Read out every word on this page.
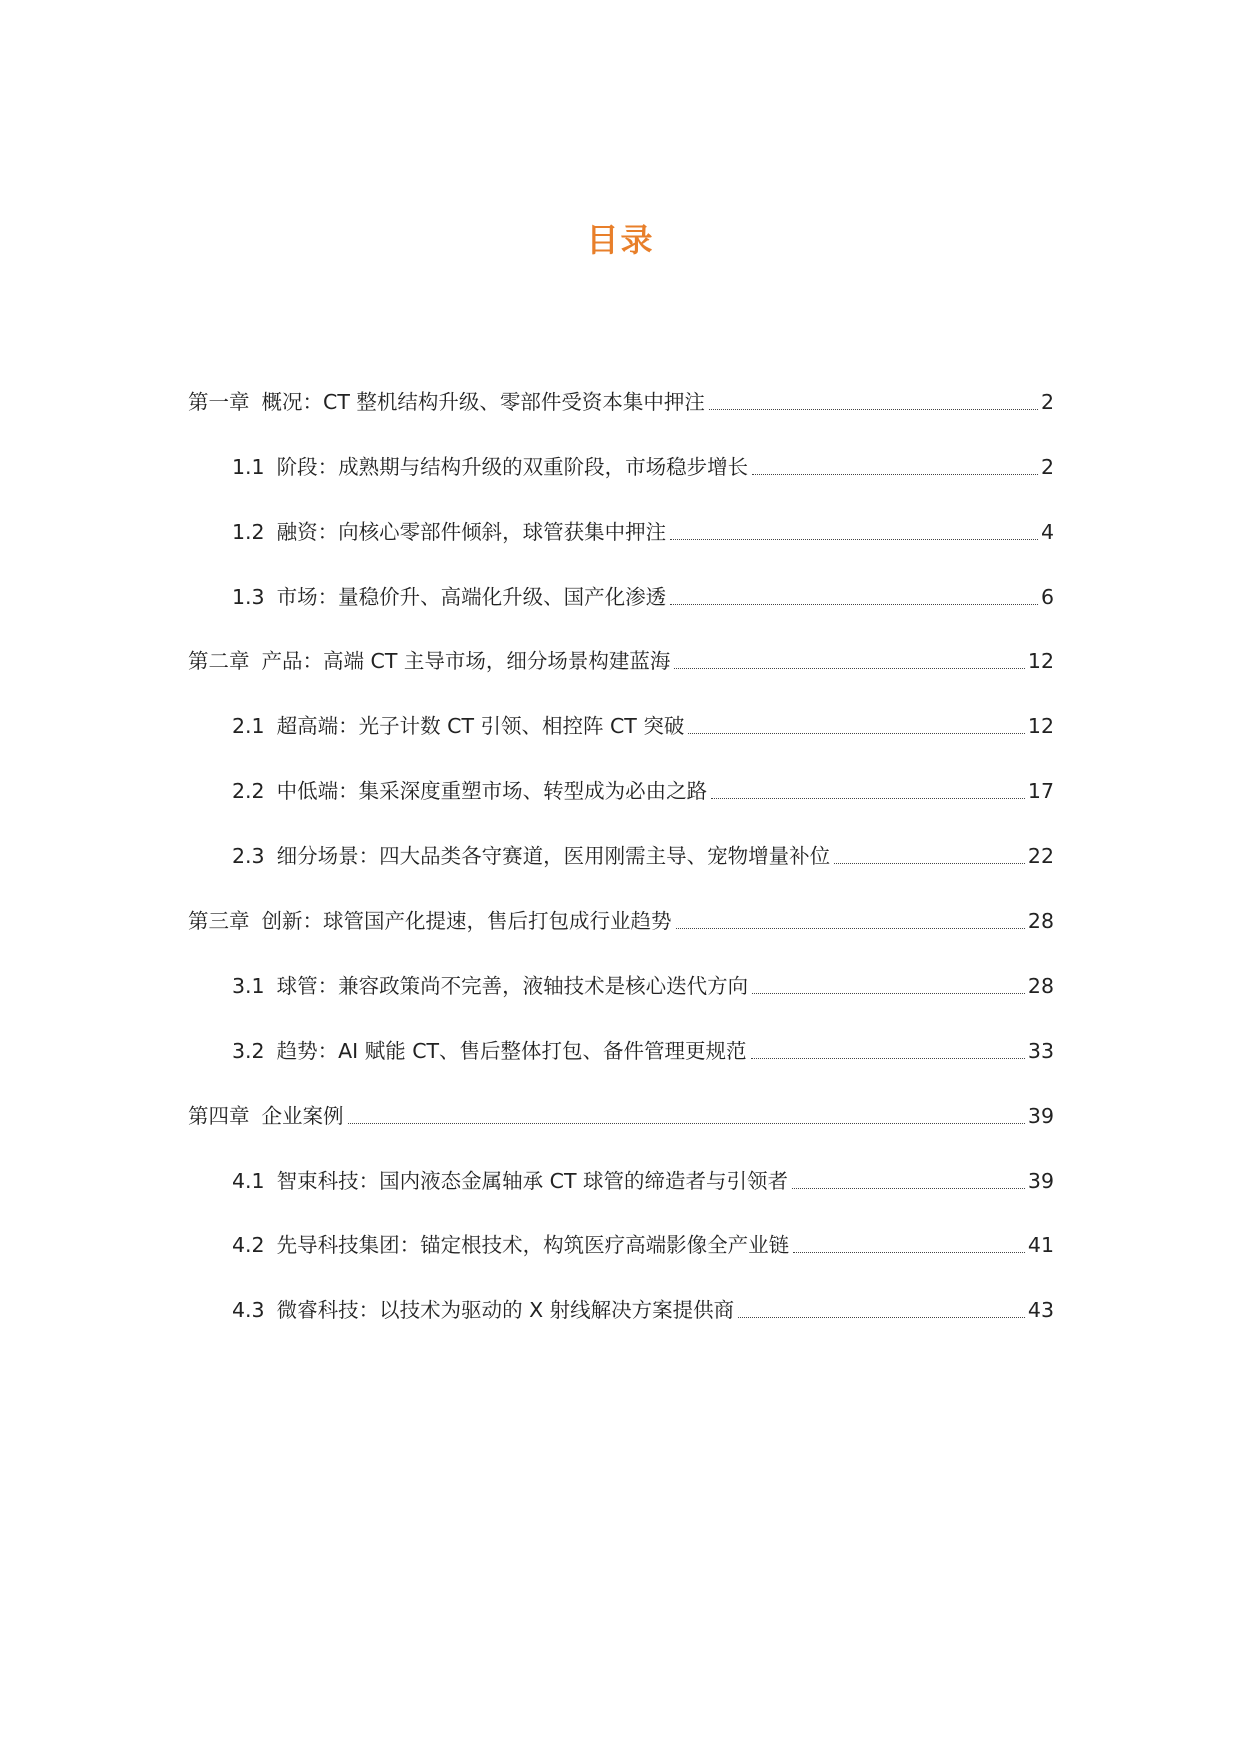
目录
第一章 概况：CT 整机结构升级、零部件受资本集中押注	2
1.1 阶段：成熟期与结构升级的双重阶段，市场稳步增长	2
1.2 融资：向核心零部件倾斜，球管获集中押注	4
1.3 市场：量稳价升、高端化升级、国产化渗透	6
第二章 产品：高端 CT 主导市场，细分场景构建蓝海	12
2.1 超高端：光子计数 CT 引领、相控阵 CT 突破	12
2.2 中低端：集采深度重塑市场、转型成为必由之路	17
2.3 细分场景：四大品类各守赛道，医用刚需主导、宠物增量补位	22
第三章 创新：球管国产化提速，售后打包成行业趋势	28
3.1 球管：兼容政策尚不完善，液轴技术是核心迭代方向	28
3.2 趋势：AI 赋能 CT、售后整体打包、备件管理更规范	33
第四章 企业案例	39
4.1 智束科技：国内液态金属轴承 CT 球管的缔造者与引领者	39
4.2 先导科技集团：锚定根技术，构筑医疗高端影像全产业链	41
4.3 微睿科技：以技术为驱动的 X 射线解决方案提供商	43
